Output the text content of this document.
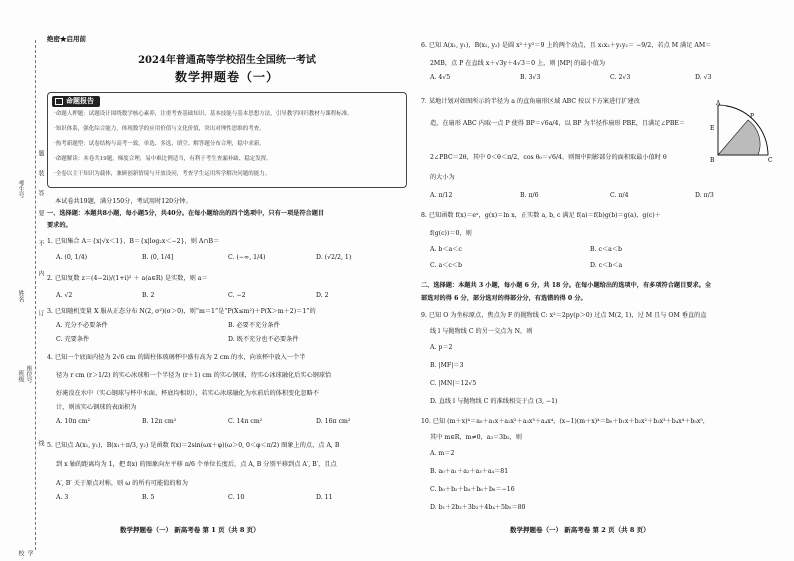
学校
班级
姓名
考生号
座位号
装
订
线
内
不
要
答
题
绝密★启用前
2024年普通高等学校招生全国统一考试
数学押题卷（一）
命题报告
·命题人押题：试题设计围绕数学核心素养，注重考查基础知识、基本技能与基本思想方法，引导教学回归教材与课程标准。
·知识体系，强化综合能力，体现数学的应用价值与文化价值，突出对理性思维的考查。
·热考新题型：试卷结构与高考一致，单选、多选、填空、解答题分布合理，稳中求新。
·命题解读：本卷共19题，梯度合理，易中难比例适当，有利于考生查漏补缺、稳定发挥。
·全卷以主干知识为载体，兼顾创新情境与开放设问，考查学生运用所学解决问题的能力。
本试卷共19题，满分150分，考试用时120分钟。
一、选择题：本题共8小题，每小题5分，共40分。在每小题给出的四个选项中，只有一项是符合题目
要求的。
1. 已知集合 A＝{x|√x＜1}，B＝{x|log₂x＜−2}，则 A∩B＝
A. (0, 1/4)	B. (0, 1/4]	C. (−∞, 1/4)	D. (√2/2, 1)
2. 已知复数 z＝(4−2i)/(1+i)² ＋ a(a∈R) 是实数，则 a＝
A. √2	B. 2	C. −2	D. 2
3. 已知随机变量 X 服从正态分布 N(2, σ²)(σ＞0)，则“m＝1”是“P(X≤m²)＋P(X＞m＋2)＝1”的
A. 充分不必要条件	B. 必要不充分条件
C. 充要条件	D. 既不充分也不必要条件
4. 已知一个底面内径为 2√6 cm 的圆柱体玻璃杯中盛有高为 2 cm 的水，向该杯中放入一个半
径为 r cm (r＞1/2) 的实心冰球和一个半径为 (r＋1) cm 的实心钢球，待实心冰球融化后实心钢球恰
好淹没在水中（实心钢球与杯中水面、杯底均相切），若实心冰球融化为水前后的体积变化忽略不
计，则该实心钢球的表面积为
A. 10π cm²	B. 12π cm²	C. 14π cm²	D. 16π cm²
5. 已知点 A(x₁, y₁)，B(x₁＋π/3, y₂) 是函数 f(x)＝2sin(ωx＋φ)(ω＞0, 0＜φ＜π/2) 图象上的点，点 A, B
到 x 轴的距离均为 1，把 f(x) 的图象向左平移 π/6 个单位长度后，点 A, B 分别平移到点 A′, B′，且点
A′, B′ 关于原点对称，则 ω 的所有可能值的和为
A. 3	B. 5	C. 10	D. 11
数学押题卷（一） 新高考卷 第 1 页（共 8 页）
6. 已知 A(x₁, y₁)，B(x₂, y₂) 是圆 x²＋y²＝9 上的两个动点，且 x₁x₂＋y₁y₂＝ −9/2，若点 M 满足 AM＝
2MB，点 P 在直线 x＋√3y＋4√3＝0 上，则 |MP| 的最小值为
A. 4√5	B. 3√3	C. 2√3	D. √3
7. 某地计划对如图所示的半径为 a 的直角扇形区域 ABC 按以下方案进行扩建改
造，在扇形 ABC 内取一点 P 使得 BP＝√6a/4，以 BP 为半径作扇形 PBE，且满足∠PBE＝
2∠PBC＝2θ，其中 0＜θ＜π/2，cos θ₀＝√6/4，则图中阴影部分的面积取最小值时 θ
的大小为
A. π/12	B. π/6	C. π/4	D. π/3
E
A
P
B	C
8. 已知函数 f(x)＝eˣ，g(x)＝ln x，正实数 a, b, c 满足 f(a)＝f(b)g(b)＝g(a)，g(c)＋
f(g(c))＝0，则
A. b＜a＜c	B. c＜a＜b
C. a＜c＜b	D. c＜b＜a
二、选择题：本题共 3 小题，每小题 6 分，共 18 分。在每小题给出的选项中，有多项符合题目要求。全
部选对的得 6 分，部分选对的得部分分，有选错的得 0 分。
9. 已知 O 为坐标原点，焦点为 F 的抛物线 C: x²＝2py(p＞0) 过点 M(2, 1)，过 M 且与 OM 垂直的直
线 l 与抛物线 C 的另一交点为 N，则
A. p＝2
B. |MF|＝3
C. |MN|＝12√5
D. 直线 l 与抛物线 C 的准线相交于点 (3, −1)
10. 已知 (m＋x)⁴＝a₀＋a₁x＋a₂x²＋a₃x³＋a₄x⁴，(x−1)(m＋x)⁴＝b₀＋b₁x＋b₂x²＋b₃x³＋b₄x⁴＋b₅x⁵，
其中 m∈R，m≠0，a₃＝3b₂，则
A. m＝2
B. a₀＋a₁＋a₂＋a₃＋a₄＝81
C. b₀＋b₂＋b₄＋b₆＋b₈＝−16
D. b₁＋2b₂＋3b₃＋4b₄＋5b₅＝80
数学押题卷（一） 新高考卷 第 2 页（共 8 页）
